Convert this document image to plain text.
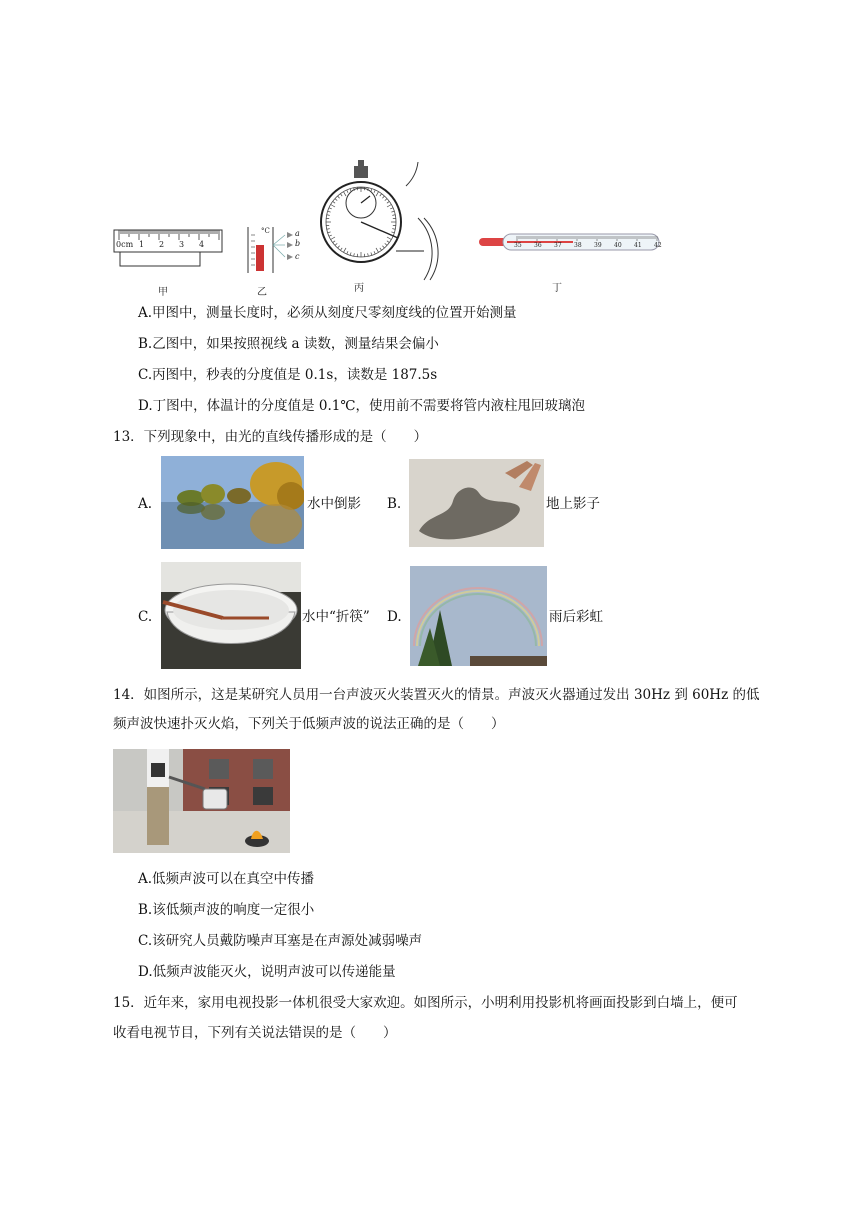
0cm 1 2 3 4
甲
°C	a
b
c
乙	丙
35 36 37 38 39 40 41 42
丁
A.甲图中，测量长度时，必须从刻度尺零刻度线的位置开始测量
B.乙图中，如果按照视线 a 读数，测量结果会偏小
C.丙图中，秒表的分度值是 0.1s，读数是 187.5s
D.丁图中，体温计的分度值是 0.1℃，使用前不需要将管内液柱甩回玻璃泡
13．下列现象中，由光的直线传播形成的是（　　）
A.	水中倒影 B.	地上影子
C.	水中“折筷” D.	雨后彩虹
14．如图所示，这是某研究人员用一台声波灭火装置灭火的情景。声波灭火器通过发出 30Hz 到 60Hz 的低
频声波快速扑灭火焰，下列关于低频声波的说法正确的是（　　）
A.低频声波可以在真空中传播
B.该低频声波的响度一定很小
C.该研究人员戴防噪声耳塞是在声源处减弱噪声
D.低频声波能灭火，说明声波可以传递能量
15．近年来，家用电视投影一体机很受大家欢迎。如图所示，小明利用投影机将画面投影到白墙上，便可
收看电视节目，下列有关说法错误的是（　　）
